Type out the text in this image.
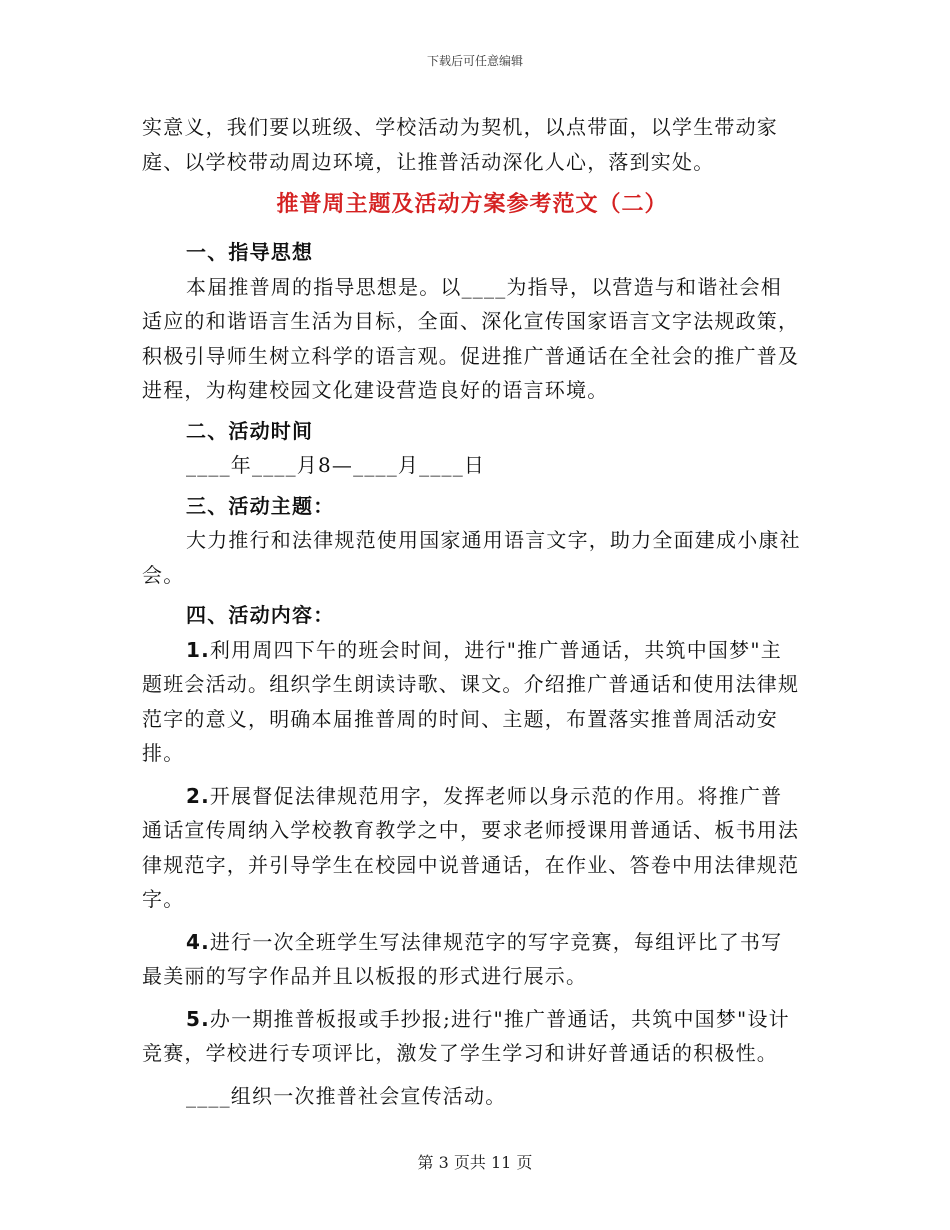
下载后可任意编辑

实意义，我们要以班级、学校活动为契机，以点带面，以学生带动家庭、以学校带动周边环境，让推普活动深化人心，落到实处。

推普周主题及活动方案参考范文（二）

一、指导思想

本届推普周的指导思想是。以____为指导，以营造与和谐社会相适应的和谐语言生活为目标，全面、深化宣传国家语言文字法规政策，积极引导师生树立科学的语言观。促进推广普通话在全社会的推广普及进程，为构建校园文化建设营造良好的语言环境。

二、活动时间

____年____月8—____月____日

三、活动主题：

大力推行和法律规范使用国家通用语言文字，助力全面建成小康社会。

四、活动内容：

1.利用周四下午的班会时间，进行"推广普通话，共筑中国梦"主题班会活动。组织学生朗读诗歌、课文。介绍推广普通话和使用法律规范字的意义，明确本届推普周的时间、主题，布置落实推普周活动安排。

2.开展督促法律规范用字，发挥老师以身示范的作用。将推广普通话宣传周纳入学校教育教学之中，要求老师授课用普通话、板书用法律规范字，并引导学生在校园中说普通话，在作业、答卷中用法律规范字。

4.进行一次全班学生写法律规范字的写字竞赛，每组评比了书写最美丽的写字作品并且以板报的形式进行展示。

5.办一期推普板报或手抄报;进行"推广普通话，共筑中国梦"设计竞赛，学校进行专项评比，激发了学生学习和讲好普通话的积极性。

____组织一次推普社会宣传活动。

第 3 页共 11 页
